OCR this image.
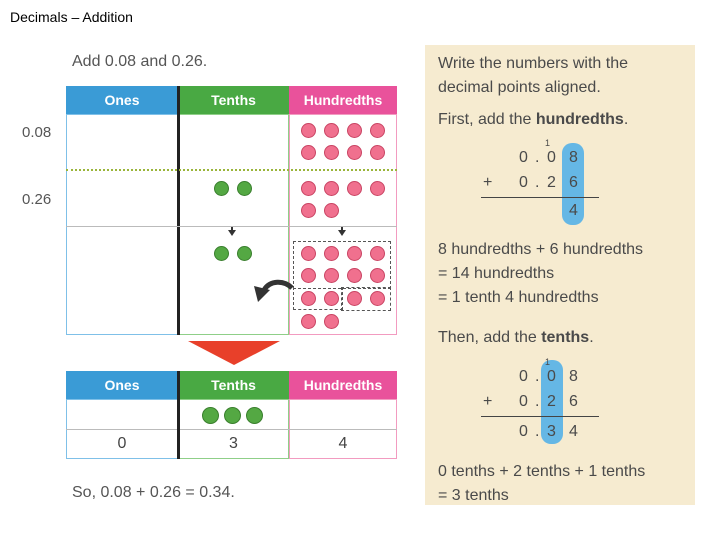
Decimals – Addition
Add 0.08 and 0.26.
Ones	Tenths	Hundredths
0.08
0.26
Ones	Tenths	Hundredths
0	3	4
So, 0.08 + 0.26 = 0.34.
Write the numbers with the
decimal points aligned.
First, add the hundredths.
1
0 . 0 8
+ 0 . 2 6
4
8 hundredths + 6 hundredths
= 14 hundredths
= 1 tenth 4 hundredths
Then, add the tenths.
1
0 . 0 8
+ 0 . 2 6
0 . 3 4
0 tenths + 2 tenths + 1 tenths
= 3 tenths
